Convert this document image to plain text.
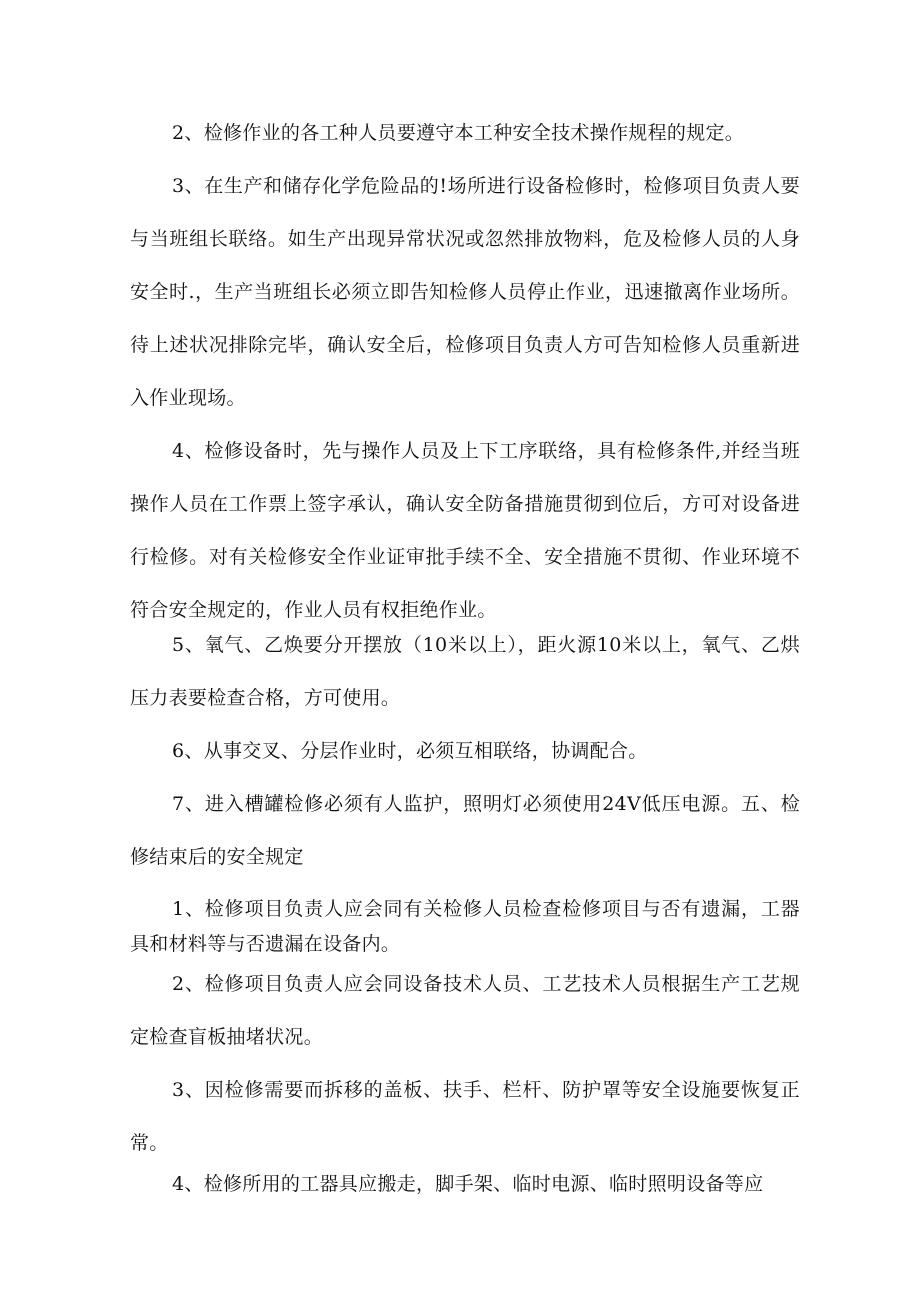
2、检修作业的各工种人员要遵守本工种安全技术操作规程的规定。

3、在生产和储存化学危险品的!场所进行设备检修时，检修项目负责人要与当班组长联络。如生产出现异常状况或忽然排放物料，危及检修人员的人身安全时.，生产当班组长必须立即告知检修人员停止作业，迅速撤离作业场所。待上述状况排除完毕，确认安全后，检修项目负责人方可告知检修人员重新进入作业现场。

4、检修设备时，先与操作人员及上下工序联络，具有检修条件,并经当班操作人员在工作票上签字承认，确认安全防备措施贯彻到位后，方可对设备进行检修。对有关检修安全作业证审批手续不全、安全措施不贯彻、作业环境不符合安全规定的，作业人员有权拒绝作业。

5、氧气、乙焕要分开摆放（10米以上），距火源10米以上，氧气、乙烘压力表要检查合格，方可使用。

6、从事交叉、分层作业时，必须互相联络，协调配合。

7、进入槽罐检修必须有人监护，照明灯必须使用24V低压电源。五、检修结束后的安全规定

1、检修项目负责人应会同有关检修人员检查检修项目与否有遗漏，工器具和材料等与否遗漏在设备内。

2、检修项目负责人应会同设备技术人员、工艺技术人员根据生产工艺规定检查盲板抽堵状况。

3、因检修需要而拆移的盖板、扶手、栏杆、防护罩等安全设施要恢复正常。

4、检修所用的工器具应搬走，脚手架、临时电源、临时照明设备等应
